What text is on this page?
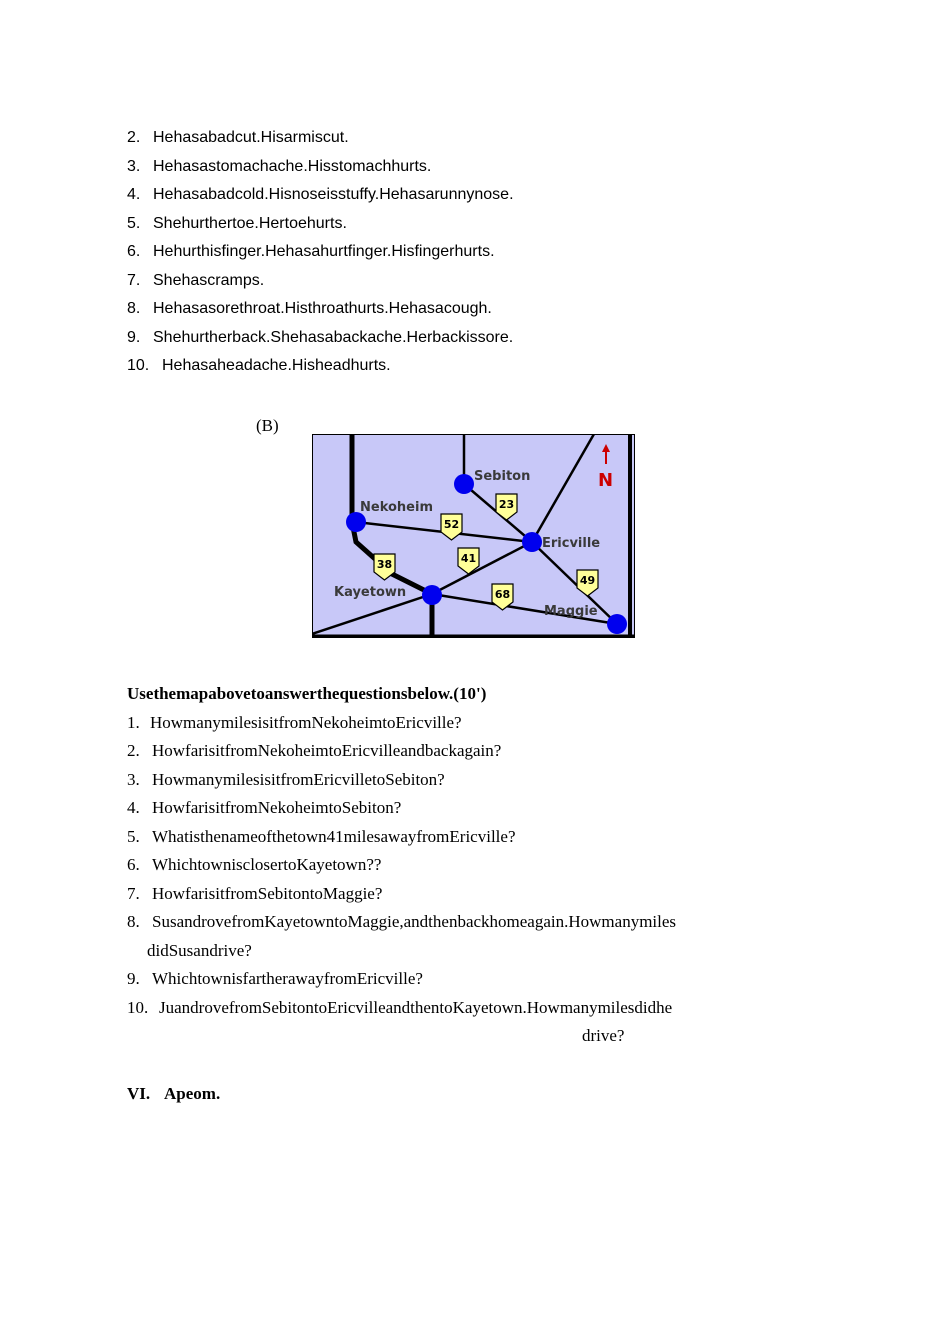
2. Hehasabadcut.Hisarmiscut.
3. Hehasastomachache.Hisstomachhurts.
4. Hehasabadcold.Hisnoseisstuffy.Hehasarunnynose.
5. Shehurthertoe.Hertoehurts.
6. Hehurthisfinger.Hehasahurtfinger.Hisfingerhurts.
7. Shehascramps.
8. Hehasasorethroat.Histhroathurts.Hehasacough.
9. Shehurtherback.Shehasabackache.Herbackissore.
10. Hehasaheadache.Hisheadhurts.
(B)
Sebiton
Nekoheim
Ericville
Kayetown
Maggie
23
52
41
38
68
49
N
Usethemapabovetoanswerthequestionsbelow.(10')
1. HowmanymilesisitfromNekoheimtoEricville?
2. HowfarisitfromNekoheimtoEricvilleandbackagain?
3. HowmanymilesisitfromEricvilletoSebiton?
4. HowfarisitfromNekoheimtoSebiton?
5. Whatisthenameofthetown41milesawayfromEricville?
6. WhichtownisclosertoKayetown??
7. HowfarisitfromSebitontoMaggie?
8. SusandrovefromKayetowntoMaggie,andthenbackhomeagain.Howmanymiles
didSusandrive?
9. WhichtownisfartherawayfromEricville?
10. JuandrovefromSebitontoEricvilleandthentoKayetown.Howmanymilesdidhe
drive?
VI. Apeom.
